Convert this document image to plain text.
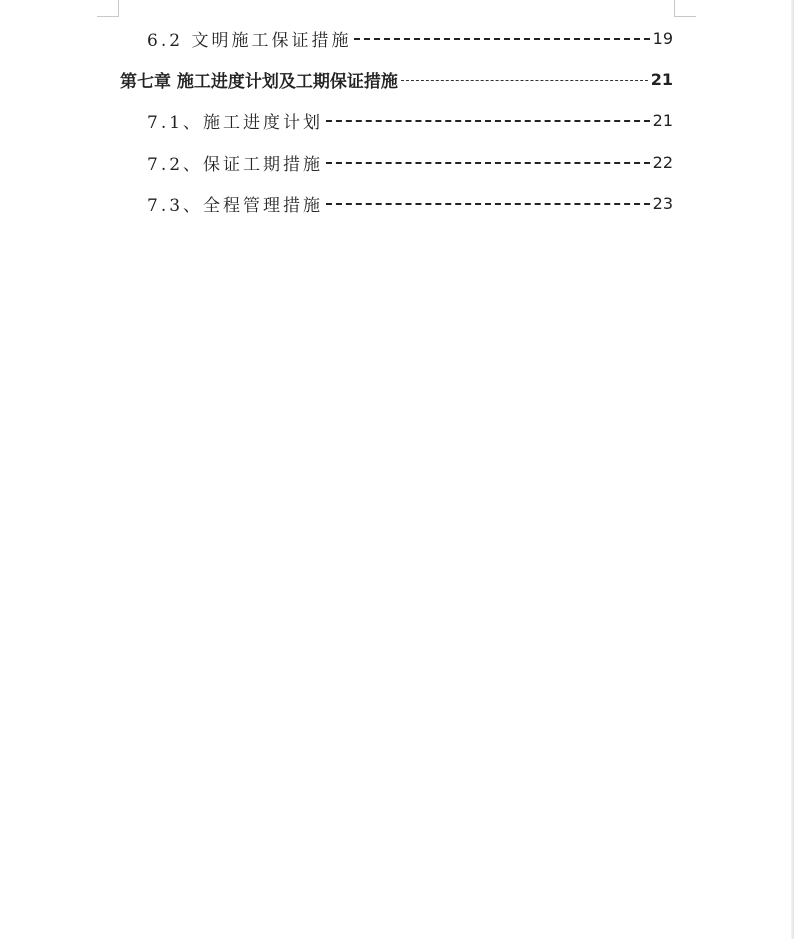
6.2 文明施工保证措施	19
第七章 施工进度计划及工期保证措施	21
7.1、施工进度计划	21
7.2、保证工期措施	22
7.3、全程管理措施	23
